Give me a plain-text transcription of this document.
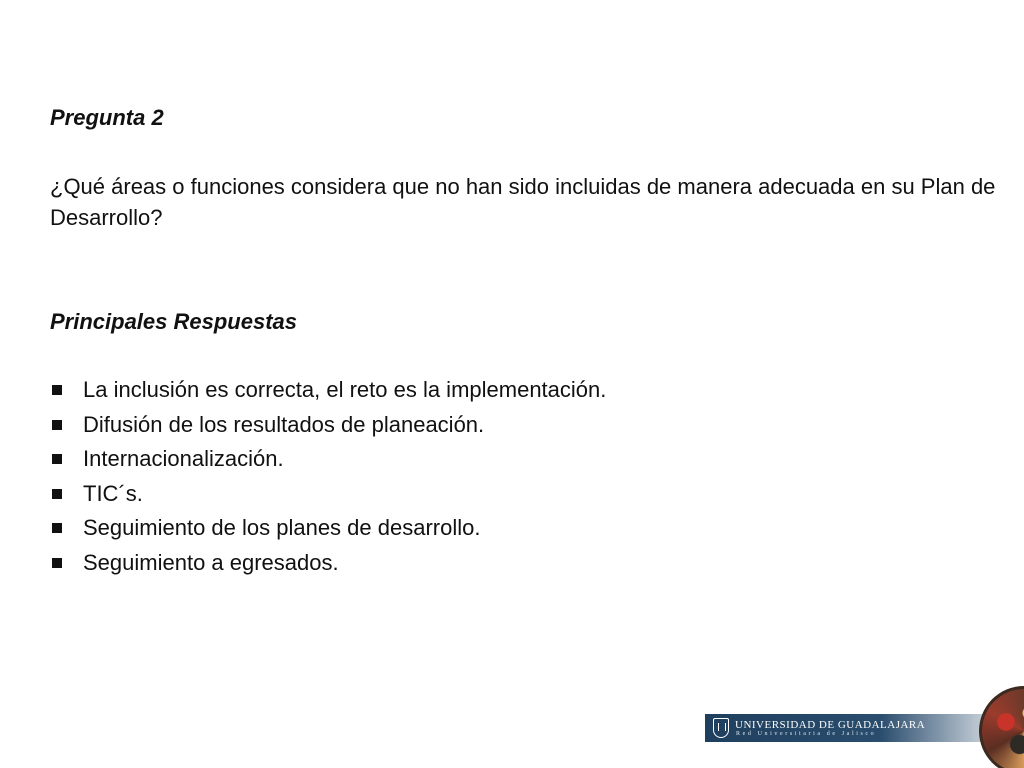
Pregunta 2

¿Qué áreas o funciones considera que no han sido incluidas de manera adecuada en su Plan de Desarrollo?

Principales Respuestas
La inclusión es correcta, el reto es la implementación.
Difusión de los resultados de planeación.
Internacionalización.
TIC´s.
Seguimiento de los planes de desarrollo.
Seguimiento a egresados.
UNIVERSIDAD DE GUADALAJARA
Red Universitaria de Jalisco
